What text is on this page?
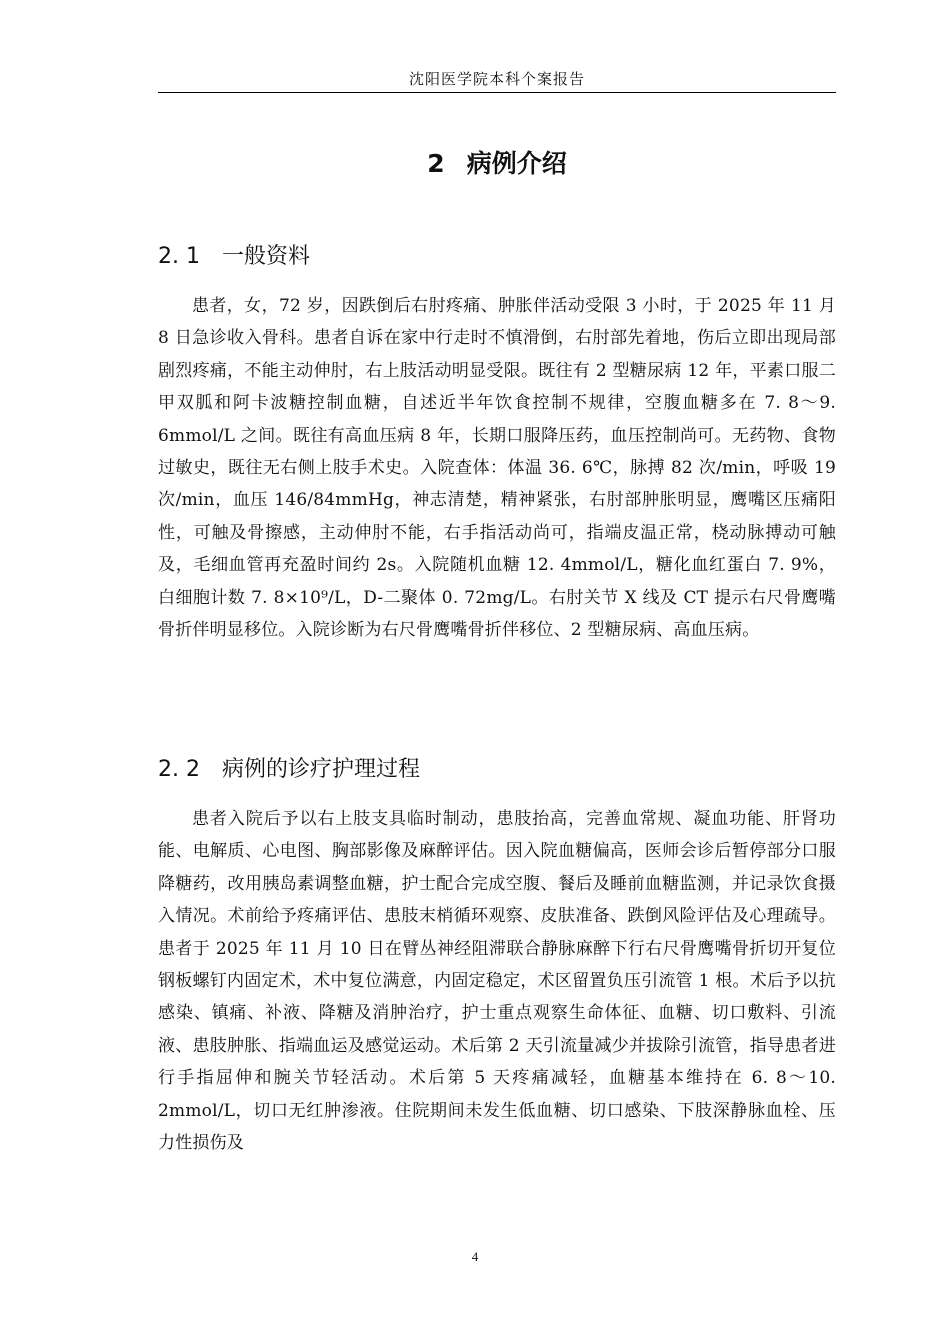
沈阳医学院本科个案报告
2 病例介绍
2. 1 一般资料

患者，女，72 岁，因跌倒后右肘疼痛、肿胀伴活动受限 3 小时，于 2025 年 11 月 8 日急诊收入骨科。患者自诉在家中行走时不慎滑倒，右肘部先着地，伤后立即出现局部剧烈疼痛，不能主动伸肘，右上肢活动明显受限。既往有 2 型糖尿病 12 年，平素口服二甲双胍和阿卡波糖控制血糖，自述近半年饮食控制不规律，空腹血糖多在 7. 8～9. 6mmol/L 之间。既往有高血压病 8 年，长期口服降压药，血压控制尚可。无药物、食物过敏史，既往无右侧上肢手术史。入院查体：体温 36. 6℃，脉搏 82 次/min，呼吸 19 次/min，血压 146/84mmHg，神志清楚，精神紧张，右肘部肿胀明显，鹰嘴区压痛阳性，可触及骨擦感，主动伸肘不能，右手指活动尚可，指端皮温正常，桡动脉搏动可触及，毛细血管再充盈时间约 2s。入院随机血糖 12. 4mmol/L，糖化血红蛋白 7. 9%，白细胞计数 7. 8×10⁹/L，D-二聚体 0. 72mg/L。右肘关节 X 线及 CT 提示右尺骨鹰嘴骨折伴明显移位。入院诊断为右尺骨鹰嘴骨折伴移位、2 型糖尿病、高血压病。

2. 2 病例的诊疗护理过程

患者入院后予以右上肢支具临时制动，患肢抬高，完善血常规、凝血功能、肝肾功能、电解质、心电图、胸部影像及麻醉评估。因入院血糖偏高，医师会诊后暂停部分口服降糖药，改用胰岛素调整血糖，护士配合完成空腹、餐后及睡前血糖监测，并记录饮食摄入情况。术前给予疼痛评估、患肢末梢循环观察、皮肤准备、跌倒风险评估及心理疏导。患者于 2025 年 11 月 10 日在臂丛神经阻滞联合静脉麻醉下行右尺骨鹰嘴骨折切开复位钢板螺钉内固定术，术中复位满意，内固定稳定，术区留置负压引流管 1 根。术后予以抗感染、镇痛、补液、降糖及消肿治疗，护士重点观察生命体征、血糖、切口敷料、引流液、患肢肿胀、指端血运及感觉运动。术后第 2 天引流量减少并拔除引流管，指导患者进行手指屈伸和腕关节轻活动。术后第 5 天疼痛减轻，血糖基本维持在 6. 8～10. 2mmol/L，切口无红肿渗液。住院期间未发生低血糖、切口感染、下肢深静脉血栓、压力性损伤及

4
